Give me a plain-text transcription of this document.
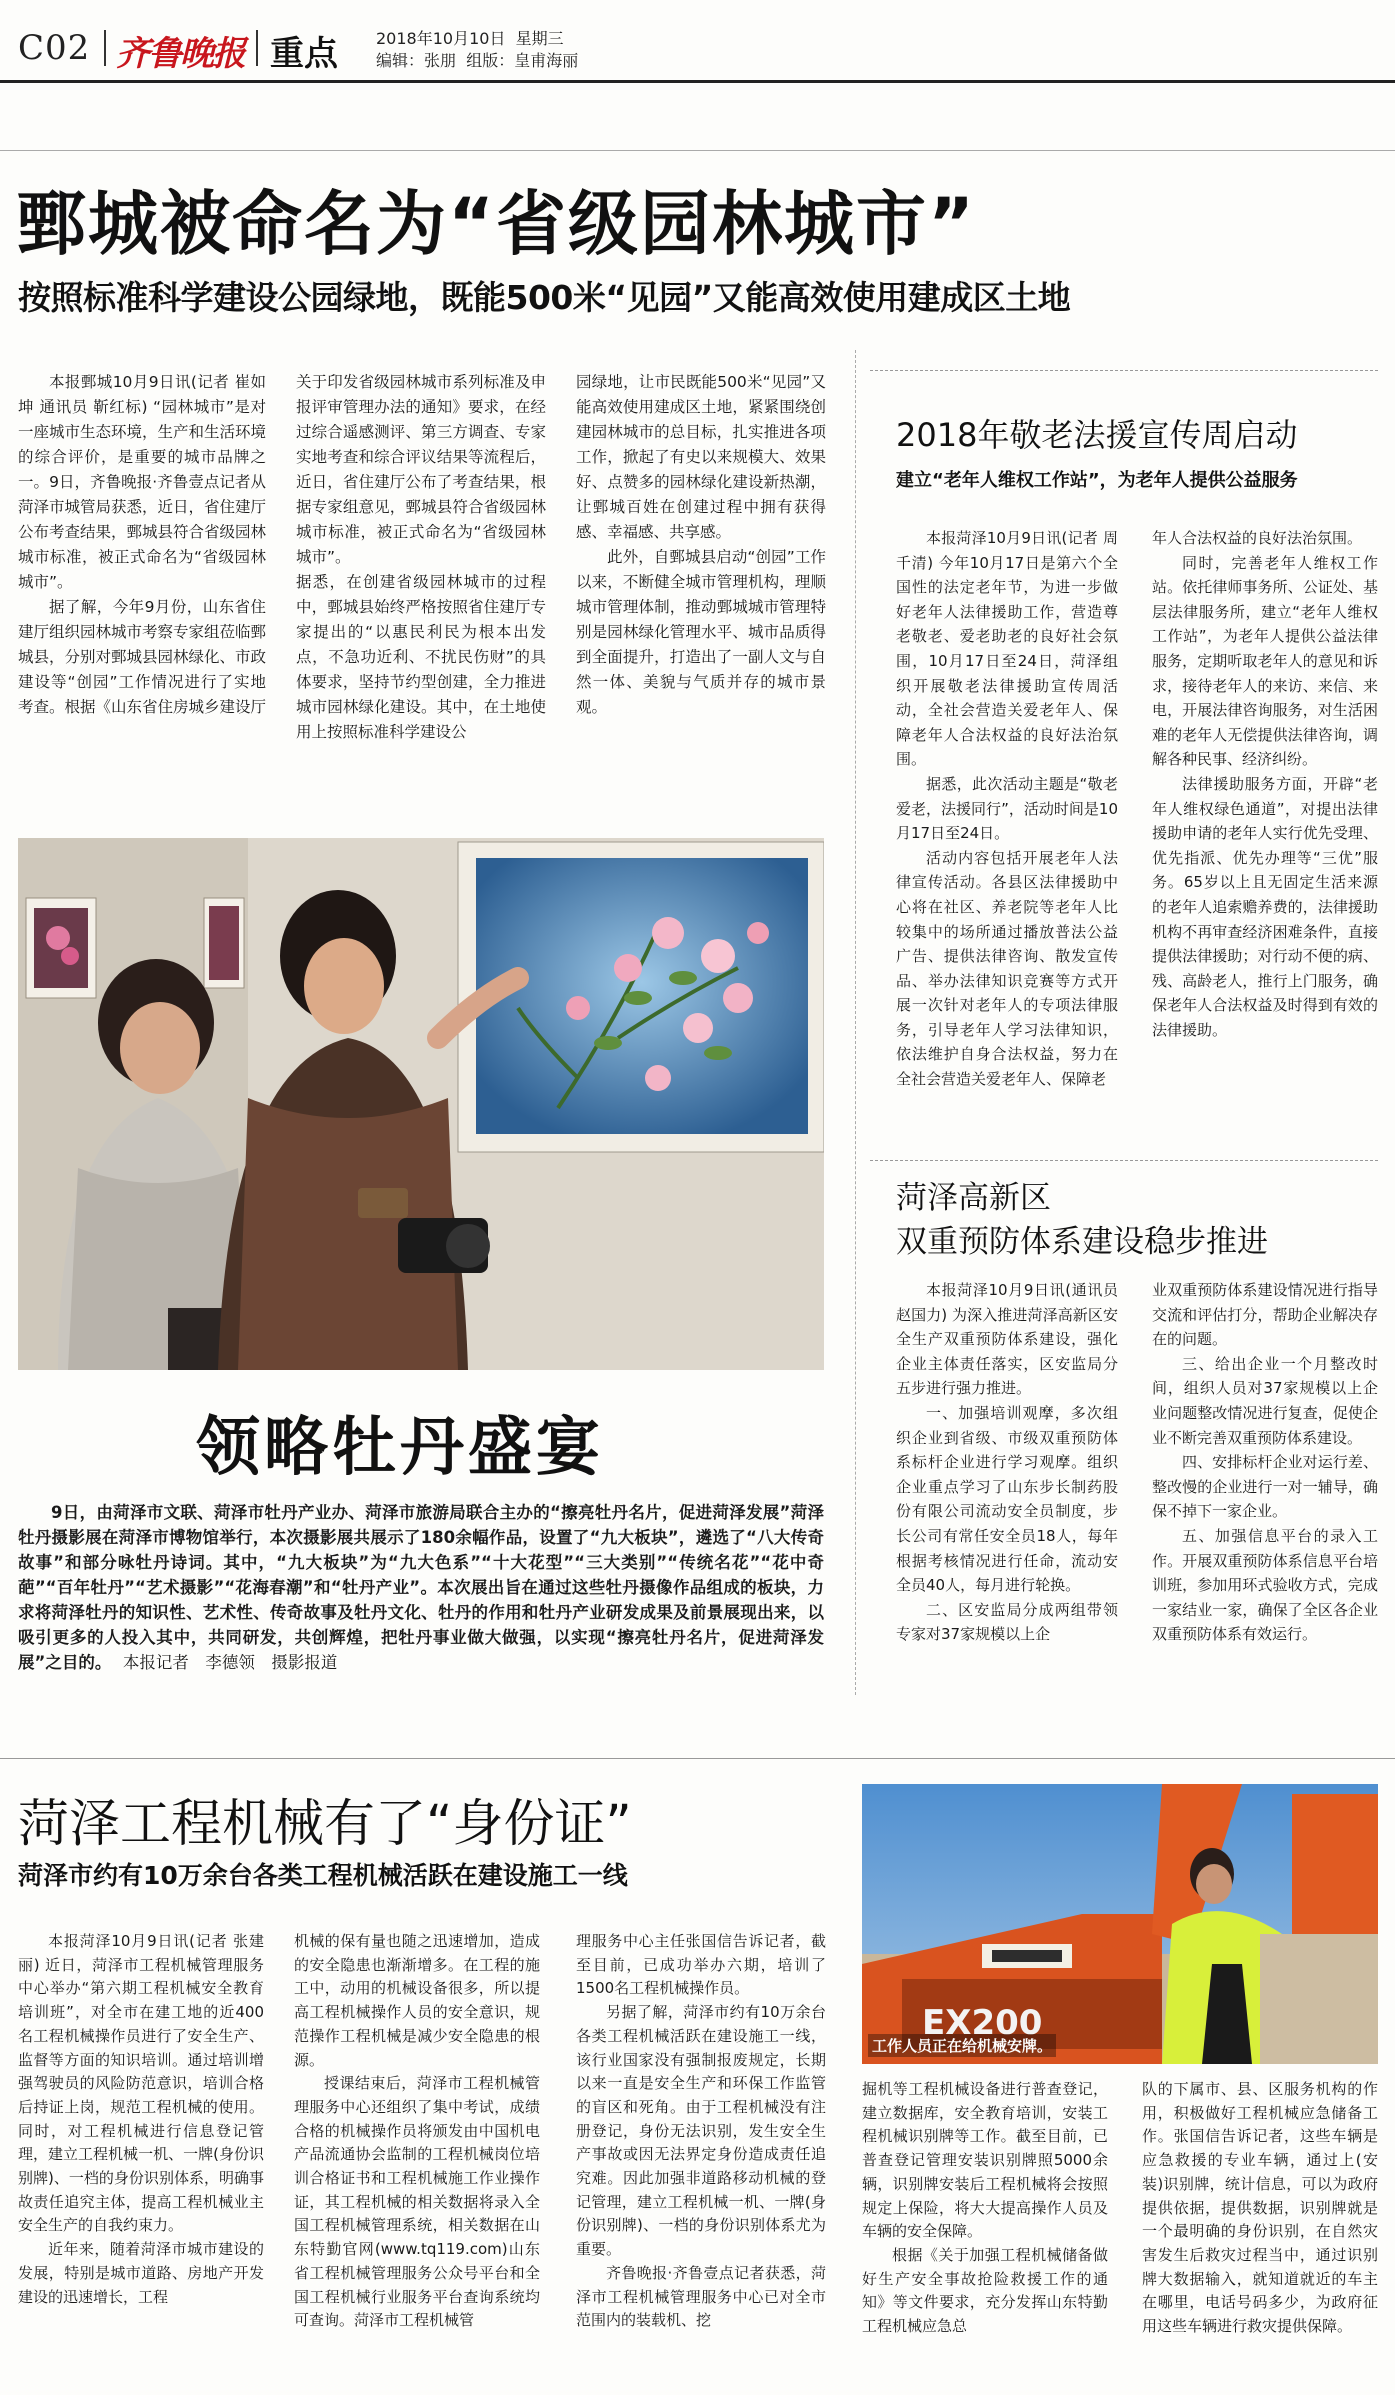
C02 齐鲁晚报 重点 2018年10月10日 星期三
编辑：张朋 组版：皇甫海丽
鄄城被命名为“省级园林城市”
按照标准科学建设公园绿地，既能500米“见园”又能高效使用建成区土地

本报鄄城10月9日讯(记者 崔如坤 通讯员 靳红标) “园林城市”是对一座城市生态环境，生产和生活环境的综合评价，是重要的城市品牌之一。9日，齐鲁晚报·齐鲁壹点记者从菏泽市城管局获悉，近日，省住建厅公布考查结果，鄄城县符合省级园林城市标准，被正式命名为“省级园林城市”。

据了解，今年9月份，山东省住建厅组织园林城市考察专家组莅临鄄城县，分别对鄄城县园林绿化、市政建设等“创园”工作情况进行了实地考查。根据《山东省住房城乡建设厅

关于印发省级园林城市系列标准及申报评审管理办法的通知》要求，在经过综合遥感测评、第三方调查、专家实地考查和综合评议结果等流程后，近日，省住建厅公布了考查结果，根据专家组意见，鄄城县符合省级园林城市标准，被正式命名为“省级园林城市”。

据悉，在创建省级园林城市的过程中，鄄城县始终严格按照省住建厅专家提出的“以惠民利民为根本出发点，不急功近利、不扰民伤财”的具体要求，坚持节约型创建，全力推进城市园林绿化建设。其中，在土地使用上按照标准科学建设公

园绿地，让市民既能500米“见园”又能高效使用建成区土地，紧紧围绕创建园林城市的总目标，扎实推进各项工作，掀起了有史以来规模大、效果好、点赞多的园林绿化建设新热潮，让鄄城百姓在创建过程中拥有获得感、幸福感、共享感。

此外，自鄄城县启动“创园”工作以来，不断健全城市管理机构，理顺城市管理体制，推动鄄城城市管理特别是园林绿化管理水平、城市品质得到全面提升，打造出了一副人文与自然一体、美貌与气质并存的城市景观。

领略牡丹盛宴
9日，由菏泽市文联、菏泽市牡丹产业办、菏泽市旅游局联合主办的“擦亮牡丹名片，促进菏泽发展”菏泽牡丹摄影展在菏泽市博物馆举行，本次摄影展共展示了180余幅作品，设置了“九大板块”，遴选了“八大传奇故事”和部分咏牡丹诗词。其中，“九大板块”为“九大色系”“十大花型”“三大类别”“传统名花”“花中奇葩”“百年牡丹”“艺术摄影”“花海春潮”和“牡丹产业”。本次展出旨在通过这些牡丹摄像作品组成的板块，力求将菏泽牡丹的知识性、艺术性、传奇故事及牡丹文化、牡丹的作用和牡丹产业研发成果及前景展现出来，以吸引更多的人投入其中，共同研发，共创辉煌，把牡丹事业做大做强，以实现“擦亮牡丹名片，促进菏泽发展”之目的。 本报记者　李德领　摄影报道
2018年敬老法援宣传周启动
建立“老年人维权工作站”，为老年人提供公益服务

本报菏泽10月9日讯(记者 周千清) 今年10月17日是第六个全国性的法定老年节，为进一步做好老年人法律援助工作，营造尊老敬老、爱老助老的良好社会氛围，10月17日至24日，菏泽组织开展敬老法律援助宣传周活动，全社会营造关爱老年人、保障老年人合法权益的良好法治氛围。

据悉，此次活动主题是“敬老爱老，法援同行”，活动时间是10月17日至24日。

活动内容包括开展老年人法律宣传活动。各县区法律援助中心将在社区、养老院等老年人比较集中的场所通过播放普法公益广告、提供法律咨询、散发宣传品、举办法律知识竞赛等方式开展一次针对老年人的专项法律服务，引导老年人学习法律知识，依法维护自身合法权益，努力在全社会营造关爱老年人、保障老

年人合法权益的良好法治氛围。

同时，完善老年人维权工作站。依托律师事务所、公证处、基层法律服务所，建立“老年人维权工作站”，为老年人提供公益法律服务，定期听取老年人的意见和诉求，接待老年人的来访、来信、来电，开展法律咨询服务，对生活困难的老年人无偿提供法律咨询，调解各种民事、经济纠纷。

法律援助服务方面，开辟“老年人维权绿色通道”，对提出法律援助申请的老年人实行优先受理、优先指派、优先办理等“三优”服务。65岁以上且无固定生活来源的老年人追索赡养费的，法律援助机构不再审查经济困难条件，直接提供法律援助；对行动不便的病、残、高龄老人，推行上门服务，确保老年人合法权益及时得到有效的法律援助。

菏泽高新区
双重预防体系建设稳步推进

本报菏泽10月9日讯(通讯员 赵国力) 为深入推进菏泽高新区安全生产双重预防体系建设，强化企业主体责任落实，区安监局分五步进行强力推进。

一、加强培训观摩，多次组织企业到省级、市级双重预防体系标杆企业进行学习观摩。组织企业重点学习了山东步长制药股份有限公司流动安全员制度，步长公司有常任安全员18人，每年根据考核情况进行任命，流动安全员40人，每月进行轮换。

二、区安监局分成两组带领专家对37家规模以上企

业双重预防体系建设情况进行指导交流和评估打分，帮助企业解决存在的问题。

三、给出企业一个月整改时间，组织人员对37家规模以上企业问题整改情况进行复查，促使企业不断完善双重预防体系建设。

四、安排标杆企业对运行差、整改慢的企业进行一对一辅导，确保不掉下一家企业。

五、加强信息平台的录入工作。开展双重预防体系信息平台培训班，参加用环式验收方式，完成一家结业一家，确保了全区各企业双重预防体系有效运行。

菏泽工程机械有了“身份证”
菏泽市约有10万余台各类工程机械活跃在建设施工一线
EX200
工作人员正在给机械安牌。

本报菏泽10月9日讯(记者 张建丽) 近日，菏泽市工程机械管理服务中心举办“第六期工程机械安全教育培训班”，对全市在建工地的近400名工程机械操作员进行了安全生产、监督等方面的知识培训。通过培训增强驾驶员的风险防范意识，培训合格后持证上岗，规范工程机械的使用。同时，对工程机械进行信息登记管理，建立工程机械一机、一牌(身份识别牌)、一档的身份识别体系，明确事故责任追究主体，提高工程机械业主安全生产的自我约束力。

近年来，随着菏泽市城市建设的发展，特别是城市道路、房地产开发建设的迅速增长，工程

机械的保有量也随之迅速增加，造成的安全隐患也渐渐增多。在工程的施工中，动用的机械设备很多，所以提高工程机械操作人员的安全意识，规范操作工程机械是减少安全隐患的根源。

授课结束后，菏泽市工程机械管理服务中心还组织了集中考试，成绩合格的机械操作员将颁发由中国机电产品流通协会监制的工程机械岗位培训合格证书和工程机械施工作业操作证，其工程机械的相关数据将录入全国工程机械管理系统，相关数据在山东特勤官网(www.tq119.com)山东省工程机械管理服务公众号平台和全国工程机械行业服务平台查询系统均可查询。菏泽市工程机械管

理服务中心主任张国信告诉记者，截至目前，已成功举办六期，培训了1500名工程机械操作员。

另据了解，菏泽市约有10万余台各类工程机械活跃在建设施工一线，该行业国家没有强制报废规定，长期以来一直是安全生产和环保工作监管的盲区和死角。由于工程机械没有注册登记，身份无法识别，发生安全生产事故或因无法界定身份造成责任追究难。因此加强非道路移动机械的登记管理，建立工程机械一机、一牌(身份识别牌)、一档的身份识别体系尤为重要。

齐鲁晚报·齐鲁壹点记者获悉，菏泽市工程机械管理服务中心已对全市范围内的装载机、挖

掘机等工程机械设备进行普查登记，建立数据库，安全教育培训，安装工程机械识别牌等工作。截至目前，已普查登记管理安装识别牌照5000余辆，识别牌安装后工程机械将会按照规定上保险，将大大提高操作人员及车辆的安全保障。

根据《关于加强工程机械储备做好生产安全事故抢险救援工作的通知》等文件要求，充分发挥山东特勤工程机械应急总

队的下属市、县、区服务机构的作用，积极做好工程机械应急储备工作。张国信告诉记者，这些车辆是应急救援的专业车辆，通过上(安装)识别牌，统计信息，可以为政府提供依据，提供数据，识别牌就是一个最明确的身份识别，在自然灾害发生后救灾过程当中，通过识别牌大数据输入，就知道就近的车主在哪里，电话号码多少，为政府征用这些车辆进行救灾提供保障。
